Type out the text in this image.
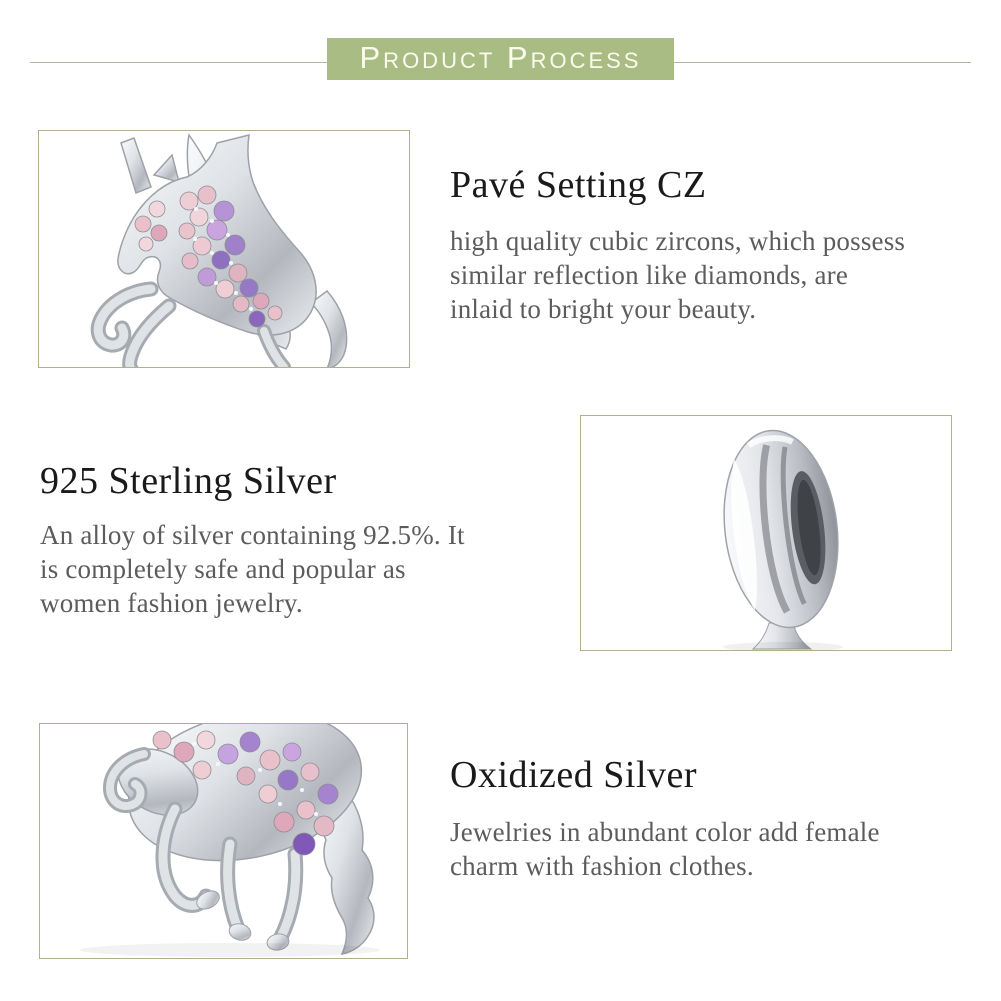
Product Process
Pavé Setting CZ
high quality cubic zircons, which possess
similar reflection like diamonds, are
inlaid to bright your beauty.
925 Sterling Silver
An alloy of silver containing 92.5%. It
is completely safe and popular as
women fashion jewelry.
Oxidized Silver
Jewelries in abundant color add female
charm with fashion clothes.
